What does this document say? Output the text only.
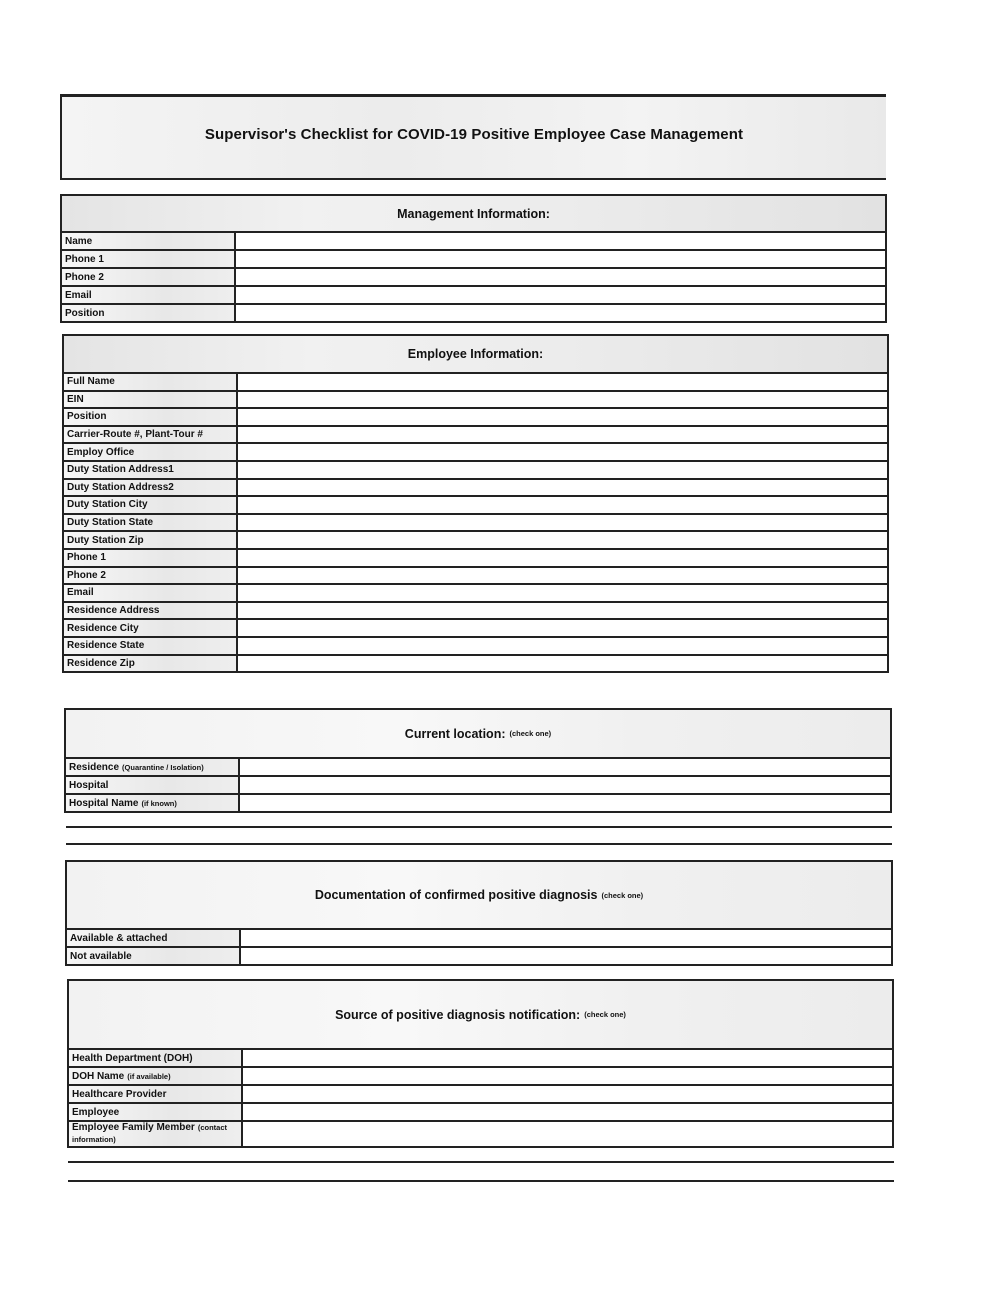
Supervisor's Checklist for COVID-19 Positive Employee Case Management
Management Information:
Name
Phone 1
Phone 2
Email
Position
Employee Information:
Full Name
EIN
Position
Carrier-Route #, Plant-Tour #
Employ Office
Duty Station Address1
Duty Station Address2
Duty Station City
Duty Station State
Duty Station Zip
Phone 1
Phone 2
Email
Residence Address
Residence City
Residence State
Residence Zip
Current location: (check one)
Residence (Quarantine / Isolation)
Hospital
Hospital Name (if known)
Documentation of confirmed positive diagnosis (check one)
Available & attached
Not available
Source of positive diagnosis notification: (check one)
Health Department (DOH)
DOH Name (if available)
Healthcare Provider
Employee
Employee Family Member (contact
information)
